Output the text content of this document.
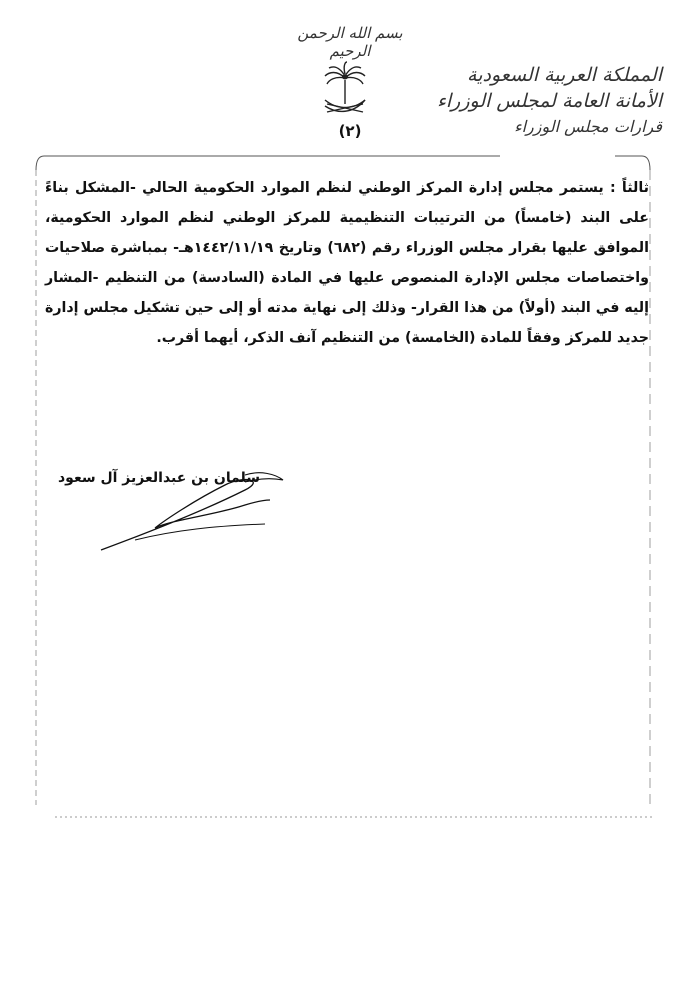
بسم الله الرحمن الرحيم
(٢)
المملكة العربية السعودية
الأمانة العامة لمجلس الوزراء
قرارات مجلس الوزراء

ثالثاً : يستمر مجلس إدارة المركز الوطني لنظم الموارد الحكومية الحالي -المشكل بناءً على البند (خامساً) من الترتيبات التنظيمية للمركز الوطني لنظم الموارد الحكومية، الموافق عليها بقرار مجلس الوزراء رقم (٦٨٢) وتاريخ ١٤٤٢/١١/١٩هـ- بمباشرة صلاحيات واختصاصات مجلس الإدارة المنصوص عليها في المادة (السادسة) من التنظيم -المشار إليه في البند (أولاً) من هذا القرار- وذلك إلى نهاية مدته أو إلى حين تشكيل مجلس إدارة جديد للمركز وفقاً للمادة (الخامسة) من التنظيم آنف الذكر، أيهما أقرب.

سلمان بن عبدالعزيز آل سعود
